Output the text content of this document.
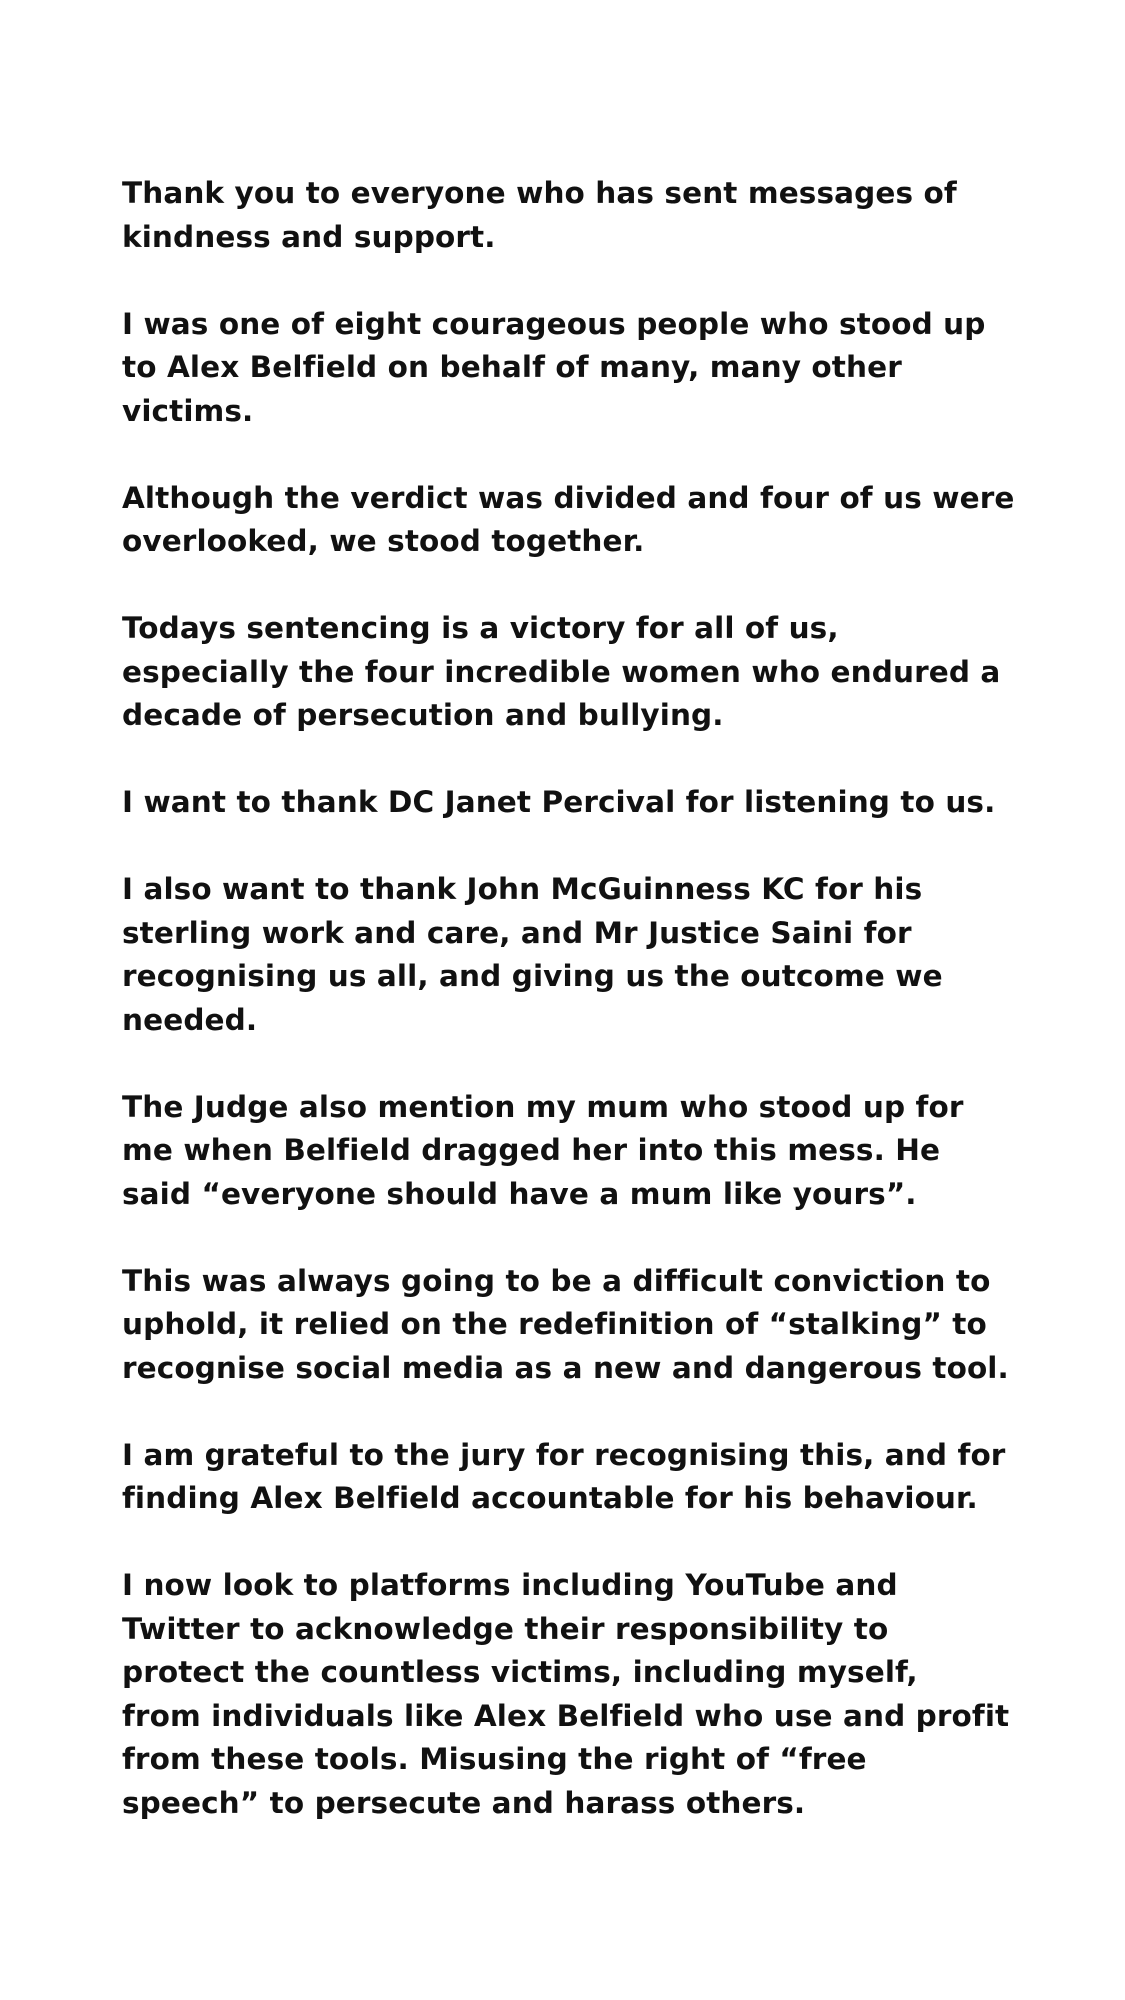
Thank you to everyone who has sent messages of
kindness and support.
I was one of eight courageous people who stood up
to Alex Belfield on behalf of many, many other
victims.
Although the verdict was divided and four of us were
overlooked, we stood together.
Todays sentencing is a victory for all of us,
especially the four incredible women who endured a
decade of persecution and bullying.
I want to thank DC Janet Percival for listening to us.
I also want to thank John McGuinness KC for his
sterling work and care, and Mr Justice Saini for
recognising us all, and giving us the outcome we
needed.
The Judge also mention my mum who stood up for
me when Belfield dragged her into this mess. He
said “everyone should have a mum like yours”.
This was always going to be a difficult conviction to
uphold, it relied on the redefinition of “stalking” to
recognise social media as a new and dangerous tool.
I am grateful to the jury for recognising this, and for
finding Alex Belfield accountable for his behaviour.
I now look to platforms including YouTube and
Twitter to acknowledge their responsibility to
protect the countless victims, including myself,
from individuals like Alex Belfield who use and profit
from these tools. Misusing the right of “free
speech” to persecute and harass others.
